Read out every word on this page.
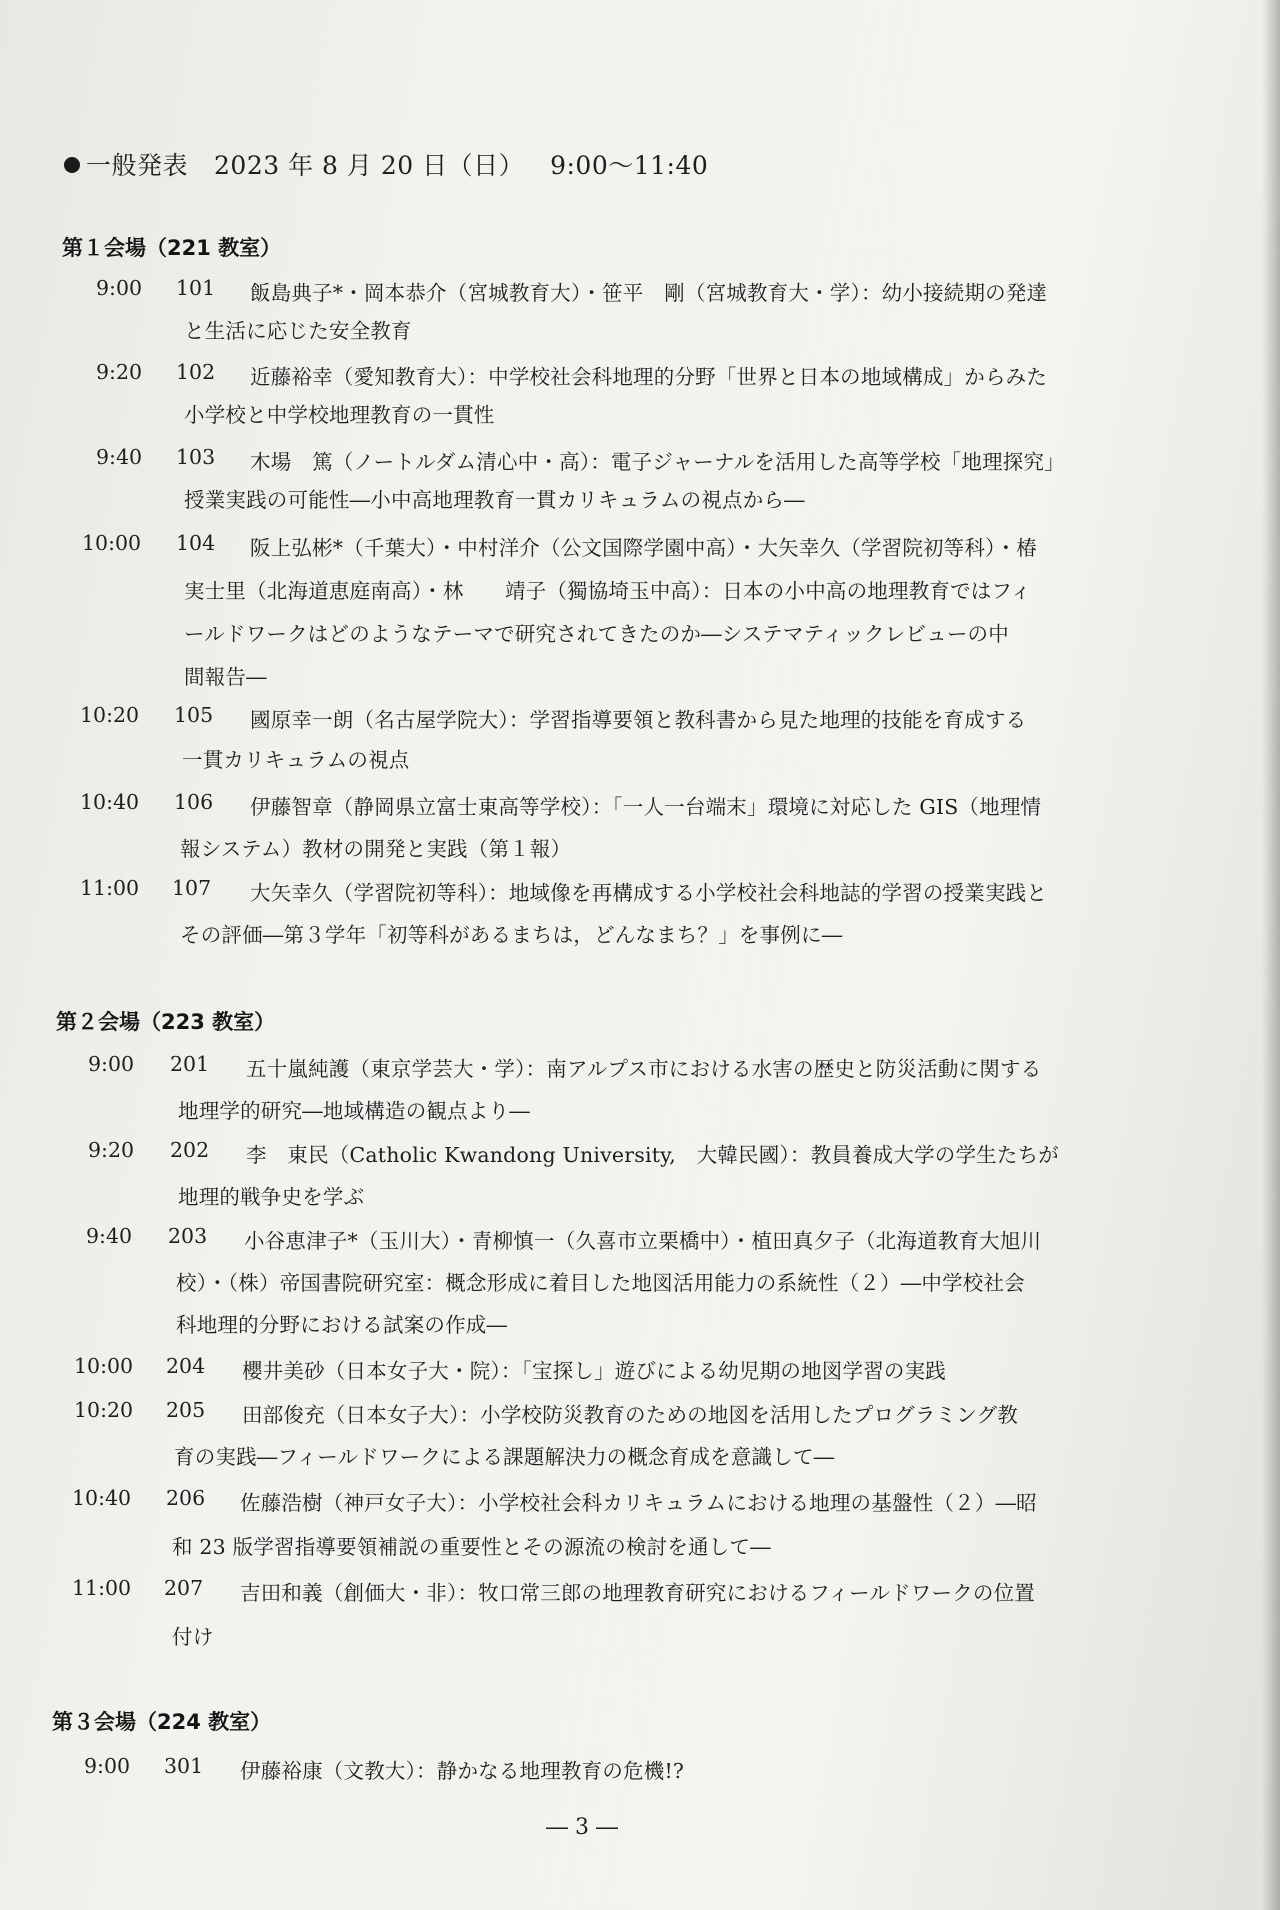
一般発表 2023 年 8 月 20 日（日） 9:00〜11:40
第１会場（221 教室）
9:00 101 飯島典子*・岡本恭介（宮城教育大）・笹平　剛（宮城教育大・学）：幼小接続期の発達
と生活に応じた安全教育
9:20 102 近藤裕幸（愛知教育大）：中学校社会科地理的分野「世界と日本の地域構成」からみた
小学校と中学校地理教育の一貫性
9:40 103 木場　篤（ノートルダム清心中・高）：電子ジャーナルを活用した高等学校「地理探究」
授業実践の可能性―小中高地理教育一貫カリキュラムの視点から―
10:00 104 阪上弘彬*（千葉大）・中村洋介（公文国際学園中高）・大矢幸久（学習院初等科）・椿
実士里（北海道恵庭南高）・林　　靖子（獨協埼玉中高）：日本の小中高の地理教育ではフィ
ールドワークはどのようなテーマで研究されてきたのか―システマティックレビューの中
間報告―
10:20 105 國原幸一朗（名古屋学院大）：学習指導要領と教科書から見た地理的技能を育成する
一貫カリキュラムの視点
10:40 106 伊藤智章（静岡県立富士東高等学校）：「一人一台端末」環境に対応した GIS（地理情
報システム）教材の開発と実践（第１報）
11:00 107 大矢幸久（学習院初等科）：地域像を再構成する小学校社会科地誌的学習の授業実践と
その評価―第３学年「初等科があるまちは，どんなまち？」を事例に―
第２会場（223 教室）
9:00 201 五十嵐純護（東京学芸大・学）：南アルプス市における水害の歴史と防災活動に関する
地理学的研究―地域構造の観点より―
9:20 202 李　東民（Catholic Kwandong University,　大韓民國）：教員養成大学の学生たちが
地理的戦争史を学ぶ
9:40 203 小谷恵津子*（玉川大）・青柳慎一（久喜市立栗橋中）・植田真夕子（北海道教育大旭川
校）・（株）帝国書院研究室：概念形成に着目した地図活用能力の系統性（２）―中学校社会
科地理的分野における試案の作成―
10:00 204 櫻井美砂（日本女子大・院）：「宝探し」遊びによる幼児期の地図学習の実践
10:20 205 田部俊充（日本女子大）：小学校防災教育のための地図を活用したプログラミング教
育の実践―フィールドワークによる課題解決力の概念育成を意識して―
10:40 206 佐藤浩樹（神戸女子大）：小学校社会科カリキュラムにおける地理の基盤性（２）―昭
和 23 版学習指導要領補説の重要性とその源流の検討を通して―
11:00 207 吉田和義（創価大・非）：牧口常三郎の地理教育研究におけるフィールドワークの位置
付け
第３会場（224 教室）
9:00 301 伊藤裕康（文教大）：静かなる地理教育の危機!?
― 3 ―
